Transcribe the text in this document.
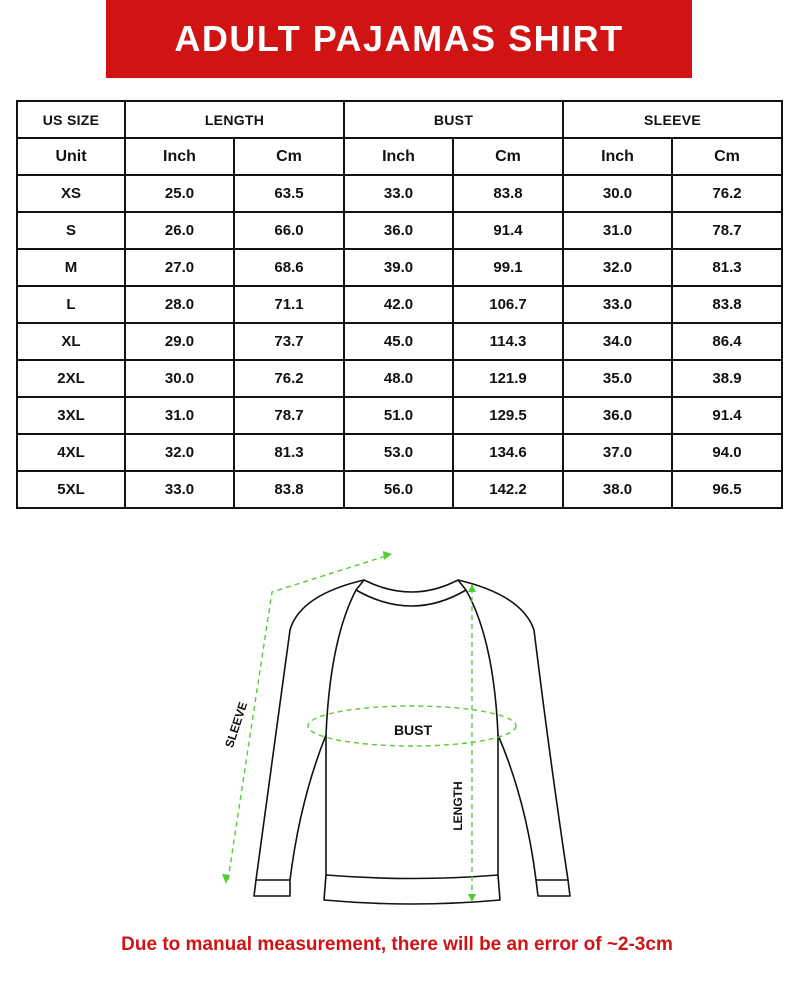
ADULT PAJAMAS SHIRT
US SIZE	LENGTH		BUST		SLEEVE	
Unit	Inch	Cm	Inch	Cm	Inch	Cm
XS	25.0	63.5	33.0	83.8	30.0	76.2
S	26.0	66.0	36.0	91.4	31.0	78.7
M	27.0	68.6	39.0	99.1	32.0	81.3
L	28.0	71.1	42.0	106.7	33.0	83.8
XL	29.0	73.7	45.0	114.3	34.0	86.4
2XL	30.0	76.2	48.0	121.9	35.0	38.9
3XL	31.0	78.7	51.0	129.5	36.0	91.4
4XL	32.0	81.3	53.0	134.6	37.0	94.0
5XL	33.0	83.8	56.0	142.2	38.0	96.5
SLEEVE	BUST
LENGTH
Due to manual measurement, there will be an error of ~2-3cm
